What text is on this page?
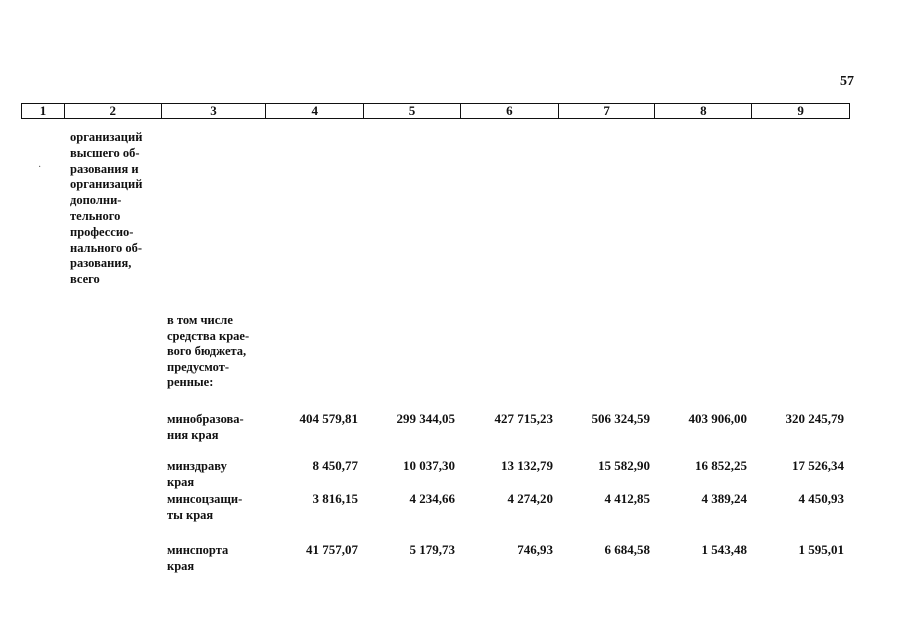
57
1	2	3	4	5	6	7	8	9
·
организаций
высшего об-
разования и
организаций
дополни-
тельного
профессио-
нального об-
разования,
всего
в том числе
средства крае-
вого бюджета,
предусмот-
ренные:
минобразова-
ния края
404 579,81	299 344,05	427 715,23	506 324,59	403 906,00	320 245,79
минздраву
края
8 450,77	10 037,30	13 132,79	15 582,90	16 852,25	17 526,34
минсоцзащи-
ты края
3 816,15	4 234,66	4 274,20	4 412,85	4 389,24	4 450,93
минспорта
края
41 757,07	5 179,73	746,93	6 684,58	1 543,48	1 595,01
